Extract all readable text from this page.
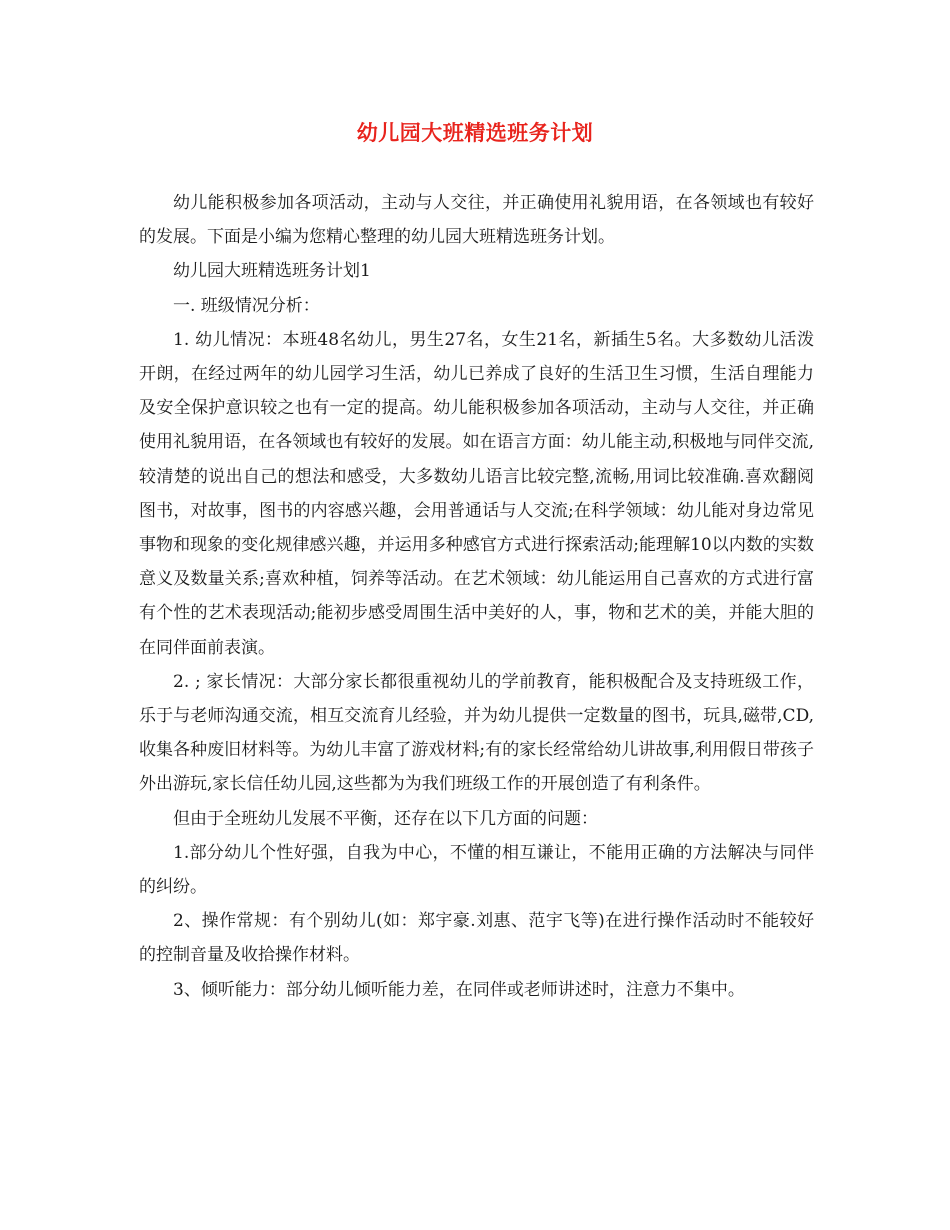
幼儿园大班精选班务计划

幼儿能积极参加各项活动，主动与人交往，并正确使用礼貌用语，在各领域也有较好的发展。下面是小编为您精心整理的幼儿园大班精选班务计划。

幼儿园大班精选班务计划1

一. 班级情况分析：

1. 幼儿情况：本班48名幼儿，男生27名，女生21名，新插生5名。大多数幼儿活泼开朗，在经过两年的幼儿园学习生活，幼儿已养成了良好的生活卫生习惯，生活自理能力及安全保护意识较之也有一定的提高。幼儿能积极参加各项活动，主动与人交往，并正确使用礼貌用语，在各领域也有较好的发展。如在语言方面：幼儿能主动,积极地与同伴交流,较清楚的说出自己的想法和感受，大多数幼儿语言比较完整,流畅,用词比较准确.喜欢翻阅图书，对故事，图书的内容感兴趣，会用普通话与人交流;在科学领域：幼儿能对身边常见事物和现象的变化规律感兴趣，并运用多种感官方式进行探索活动;能理解10以内数的实数意义及数量关系;喜欢种植，饲养等活动。在艺术领域：幼儿能运用自己喜欢的方式进行富有个性的艺术表现活动;能初步感受周围生活中美好的人，事，物和艺术的美，并能大胆的在同伴面前表演。

2. ; 家长情况：大部分家长都很重视幼儿的学前教育，能积极配合及支持班级工作，乐于与老师沟通交流，相互交流育儿经验，并为幼儿提供一定数量的图书，玩具,磁带,CD,收集各种废旧材料等。为幼儿丰富了游戏材料;有的家长经常给幼儿讲故事,利用假日带孩子外出游玩,家长信任幼儿园,这些都为为我们班级工作的开展创造了有利条件。

但由于全班幼儿发展不平衡，还存在以下几方面的问题：

1.部分幼儿个性好强，自我为中心，不懂的相互谦让，不能用正确的方法解决与同伴的纠纷。

2、操作常规：有个别幼儿(如：郑宇豪.刘惠、范宇飞等)在进行操作活动时不能较好的控制音量及收拾操作材料。

3、倾听能力：部分幼儿倾听能力差，在同伴或老师讲述时，注意力不集中。
